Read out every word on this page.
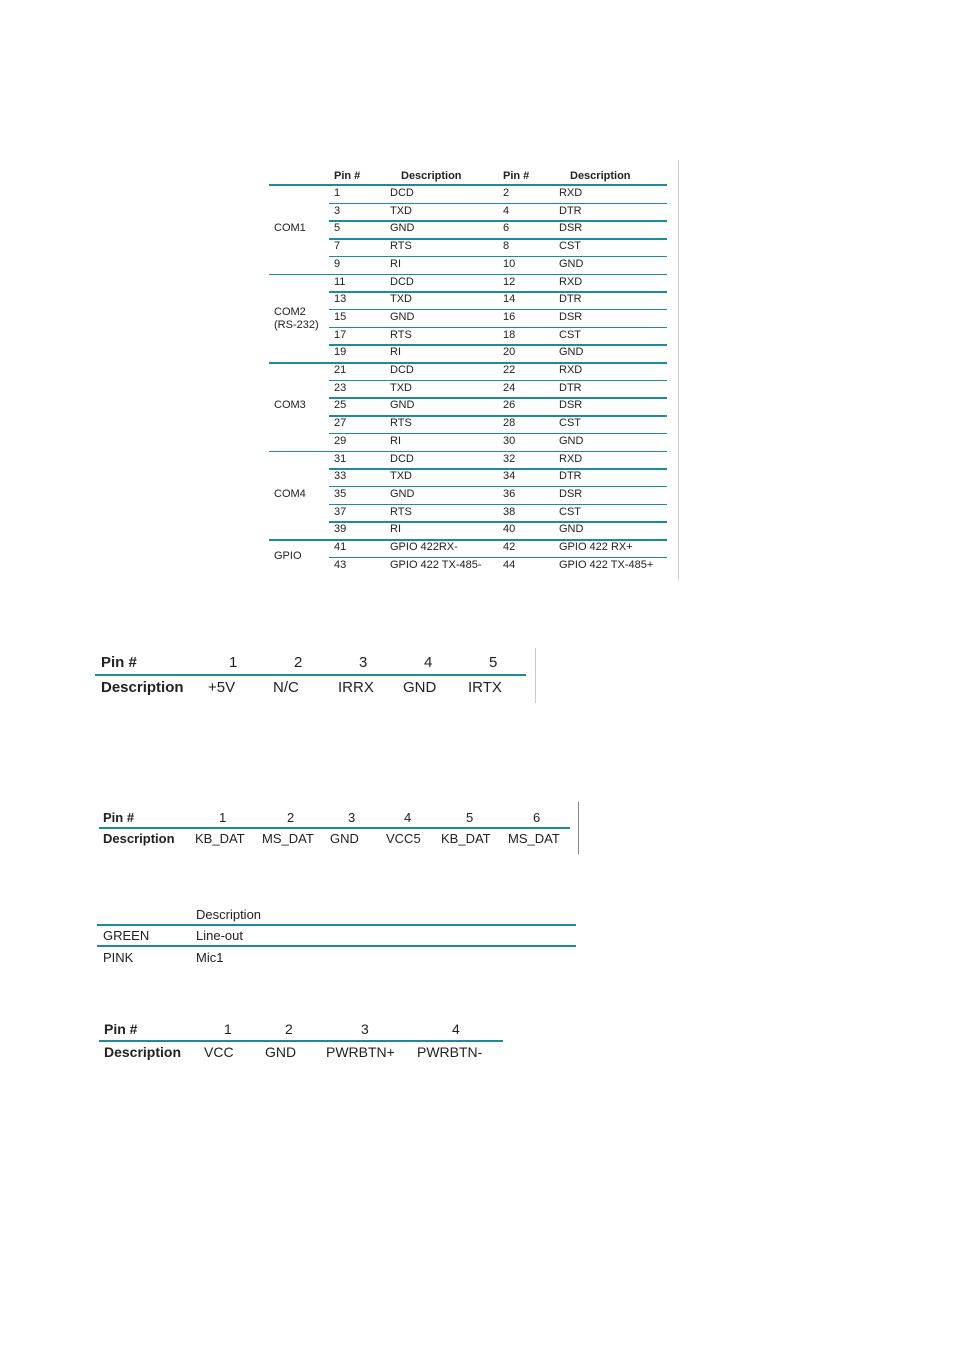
Pin #	Description	Pin #	Description
COM1
1	DCD	2	RXD
3	TXD	4	DTR
5	GND	6	DSR
7	RTS	8	CST
9	RI	10	GND
COM2
(RS-232)
11	DCD	12	RXD
13	TXD	14	DTR
15	GND	16	DSR
17	RTS	18	CST
19	RI	20	GND
COM3
21	DCD	22	RXD
23	TXD	24	DTR
25	GND	26	DSR
27	RTS	28	CST
29	RI	30	GND
COM4
31	DCD	32	RXD
33	TXD	34	DTR
35	GND	36	DSR
37	RTS	38	CST
39	RI	40	GND
GPIO
41	GPIO 422RX-	42	GPIO 422 RX+
43	GPIO 422 TX-485- 44	GPIO 422 TX-485+
Pin #	1	2	3	4	5
Description +5V	N/C	IRRX GND IRTX
Pin #	1	2	3	4	5	6
Description KB_DAT MS_DAT GND VCC5 KB_DAT MS_DAT
Description
GREEN	Line-out
PINK	Mic1
Pin #	1	2	3	4
Description VCC GND PWRBTN+ PWRBTN-
